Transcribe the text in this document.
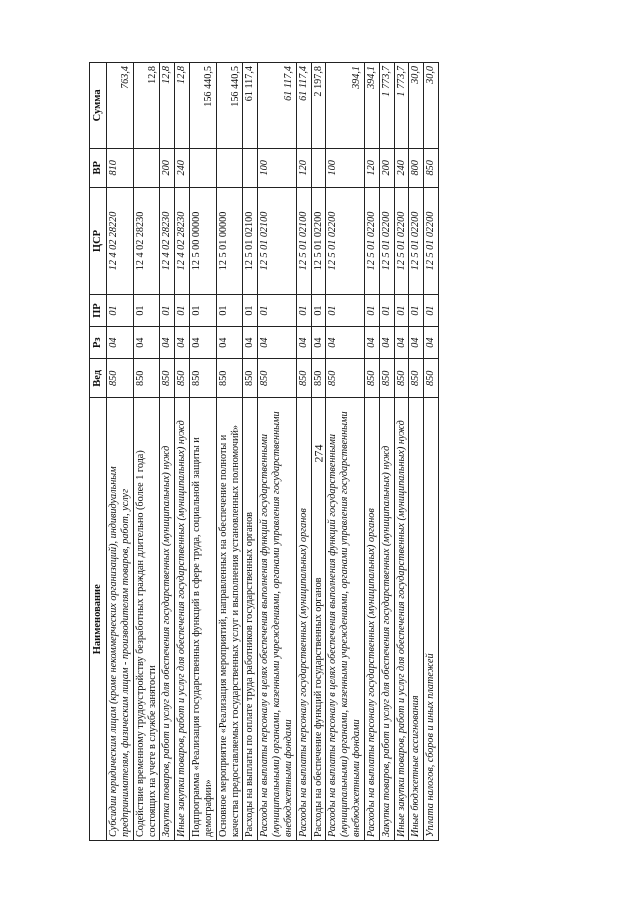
274
Наименование	Вед	Рз	ПР	ЦСР	ВР	Сумма
Субсидии юридическим лицам (кроме некоммерческих организаций), индивидуальным предпринимателям, физическим лицам - производителям товаров, работ, услуг	850	04	01	12 4 02 28220	810	763,4
Содействие временному трудоустройству безработных граждан длительно (более 1 года) состоящих на учете в службе занятости	850	04	01	12 4 02 28230		12,8
Закупка товаров, работ и услуг для обеспечения государственных (муниципальных) нужд	850	04	01	12 4 02 28230	200	12,8
Иные закупки товаров, работ и услуг для обеспечения государственных (муниципальных) нужд	850	04	01	12 4 02 28230	240	12,8
Подпрограмма «Реализация государственных функций в сфере труда, социальной защиты и демографии»	850	04	01	12 5 00 00000		156 440,5
Основное мероприятие «Реализация мероприятий, направленных на обеспечение полноты и качества предоставляемых государственных услуг и выполнения установленных полномочий»	850	04	01	12 5 01 00000		156 440,5
Расходы на выплаты по оплате труда работников государственных органов	850	04	01	12 5 01 02100		61 117,4
Расходы на выплаты персоналу в целях обеспечения выполнения функций государственными (муниципальными) органами, казенными учреждениями, органами управления государственными внебюджетными фондами	850	04	01	12 5 01 02100	100	61 117,4
Расходы на выплаты персоналу государственных (муниципальных) органов	850	04	01	12 5 01 02100	120	61 117,4
Расходы на обеспечение функций государственных органов	850	04	01	12 5 01 02200		2 197,8
Расходы на выплаты персоналу в целях обеспечения выполнения функций государственными (муниципальными) органами, казенными учреждениями, органами управления государственными внебюджетными фондами	850	04	01	12 5 01 02200	100	394,1
Расходы на выплаты персоналу государственных (муниципальных) органов	850	04	01	12 5 01 02200	120	394,1
Закупка товаров, работ и услуг для обеспечения государственных (муниципальных) нужд	850	04	01	12 5 01 02200	200	1 773,7
Иные закупки товаров, работ и услуг для обеспечения государственных (муниципальных) нужд	850	04	01	12 5 01 02200	240	1 773,7
Иные бюджетные ассигнования	850	04	01	12 5 01 02200	800	30,0
Уплата налогов, сборов и иных платежей	850	04	01	12 5 01 02200	850	30,0
